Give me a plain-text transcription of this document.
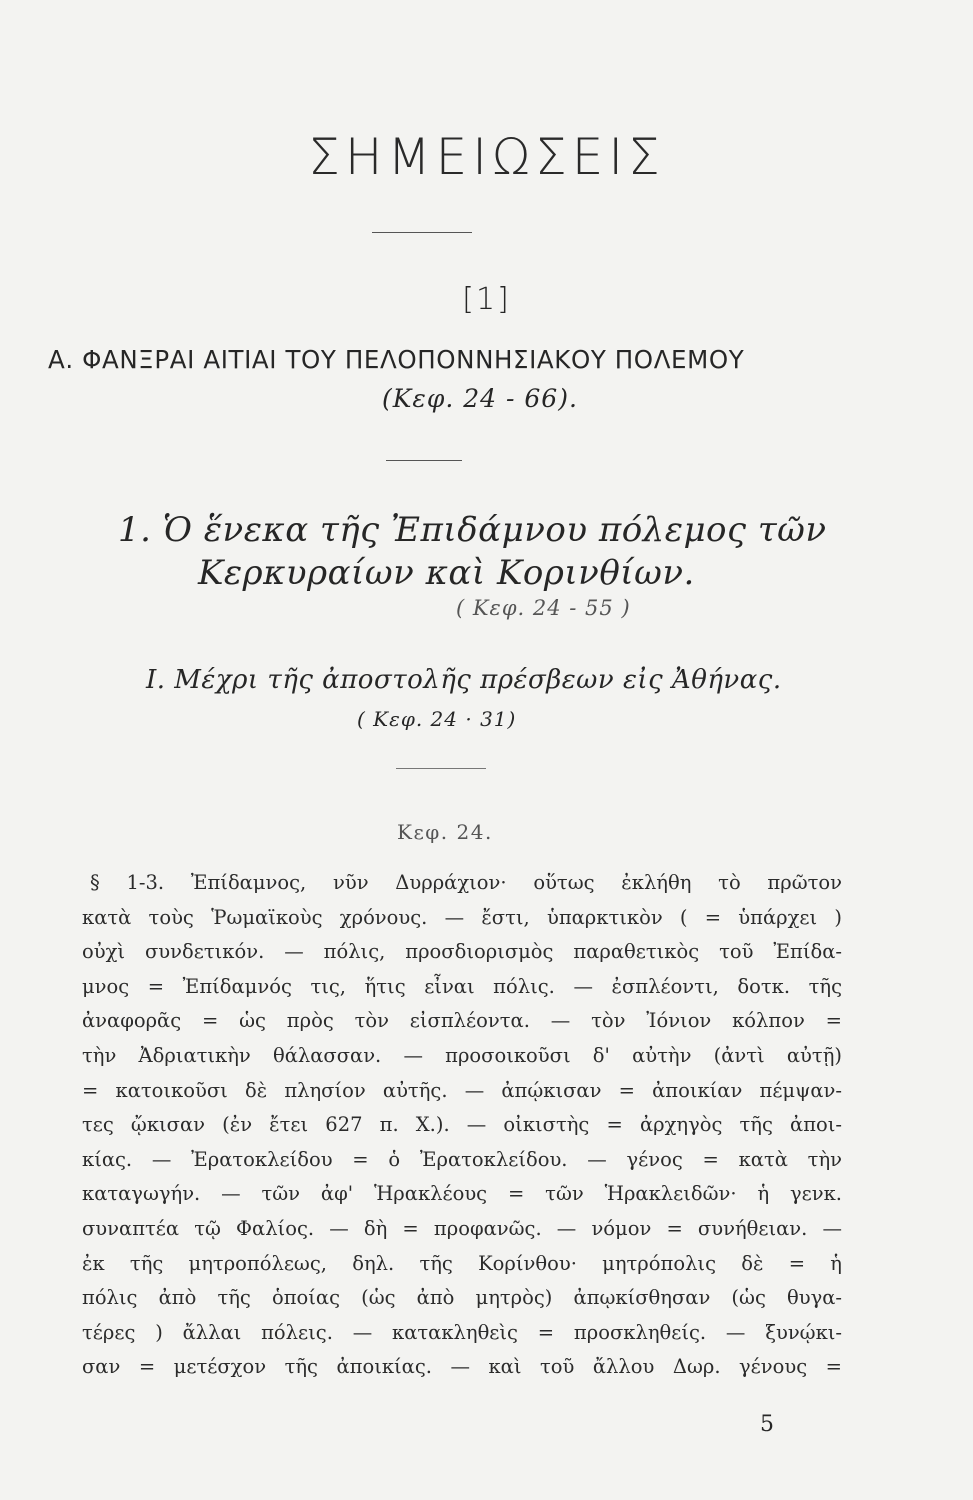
ΣΗΜΕΙΩΣΕΙΣ
[1]
Α. ΦΑΝΞΡΑΙ ΑΙΤΙΑΙ ΤΟΥ ΠΕΛΟΠΟΝΝΗΣΙΑΚΟΥ ΠΟΛΕΜΟΥ
(Κεφ. 24 - 66).
1. Ὁ ἕνεκα τῆς Ἐπιδάμνου πόλεμος τῶν
Κερκυραίων καὶ Κορινθίων.
( Κεφ. 24 - 55 )
Ι. Μέχρι τῆς ἀποστολῆς πρέσβεων εἰς Ἀθήνας.
( Κεφ. 24 · 31)
Κεφ. 24.
§ 1-3. Ἐπίδαμνος, νῦν Δυρράχιον· οὕτως ἐκλήθη τὸ πρῶτον
κατὰ τοὺς Ῥωμαϊκοὺς χρόνους. — ἔστι, ὑπαρκτικὸν ( = ὑπάρχει )
οὐχὶ συνδετικόν. — πόλις, προσδιορισμὸς παραθετικὸς τοῦ Ἐπίδα-
μνος = Ἐπίδαμνός τις, ἥτις εἶναι πόλις. — ἐσπλέοντι, δοτκ. τῆς
ἀναφορᾶς = ὡς πρὸς τὸν εἰσπλέοντα. — τὸν Ἰόνιον κόλπον =
τὴν Ἀδριατικὴν θάλασσαν. — προσοικοῦσι δ' αὐτὴν (ἀντὶ αὐτῇ)
= κατοικοῦσι δὲ πλησίον αὐτῆς. — ἀπῴκισαν = ἀποικίαν πέμψαν-
τες ᾤκισαν (ἐν ἔτει 627 π. Χ.). — οἰκιστὴς = ἀρχηγὸς τῆς ἀποι-
κίας. — Ἐρατοκλείδου = ὁ Ἐρατοκλείδου. — γένος = κατὰ τὴν
καταγωγήν. — τῶν ἀφ' Ἡρακλέους = τῶν Ἡρακλειδῶν· ἡ γενκ.
συναπτέα τῷ Φαλίος. — δὴ = προφανῶς. — νόμον = συνήθειαν. —
ἐκ τῆς μητροπόλεως, δηλ. τῆς Κορίνθου· μητρόπολις δὲ = ἡ
πόλις ἀπὸ τῆς ὁποίας (ὡς ἀπὸ μητρὸς) ἀπῳκίσθησαν (ὡς θυγα-
τέρες ) ἄλλαι πόλεις. — κατακληθεὶς = προσκληθείς. — ξυνῴκι-
σαν = μετέσχον τῆς ἀποικίας. — καὶ τοῦ ἄλλου Δωρ. γένους =
5
